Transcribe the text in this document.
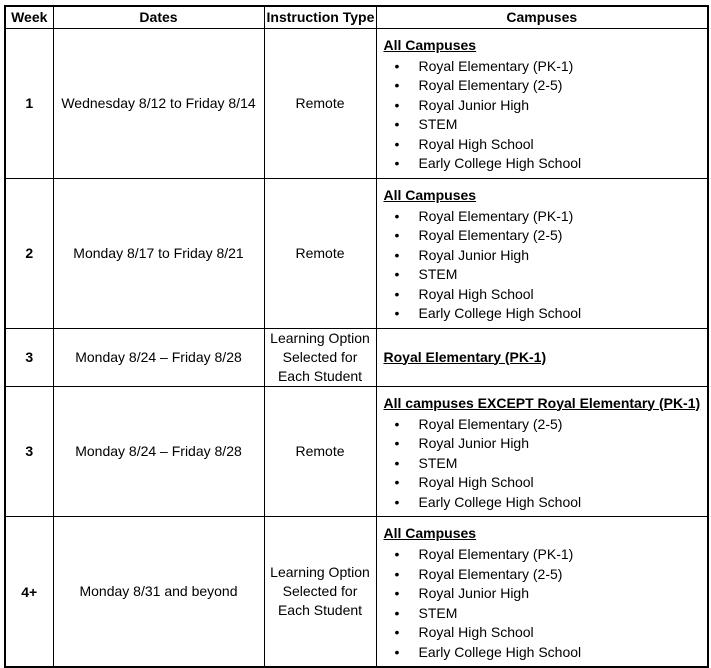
Week	Dates	Instruction Type	Campuses
1	Wednesday 8/12 to Friday 8/14	Remote	
All Campuses
• Royal Elementary (PK-1)
• Royal Elementary (2-5)
• Royal Junior High
• STEM
• Royal High School
• Early College High School

2	Monday 8/17 to Friday 8/21	Remote	
All Campuses
• Royal Elementary (PK-1)
• Royal Elementary (2-5)
• Royal Junior High
• STEM
• Royal High School
• Early College High School

3	Monday 8/24 – Friday 8/28	Learning Option Selected for Each Student	Royal Elementary (PK-1)

3	Monday 8/24 – Friday 8/28	Remote	
All campuses EXCEPT Royal Elementary (PK-1)
• Royal Elementary (2-5)
• Royal Junior High
• STEM
• Royal High School
• Early College High School

4+	Monday 8/31 and beyond	Learning Option Selected for Each Student	
All Campuses
• Royal Elementary (PK-1)
• Royal Elementary (2-5)
• Royal Junior High
• STEM
• Royal High School
• Early College High School
